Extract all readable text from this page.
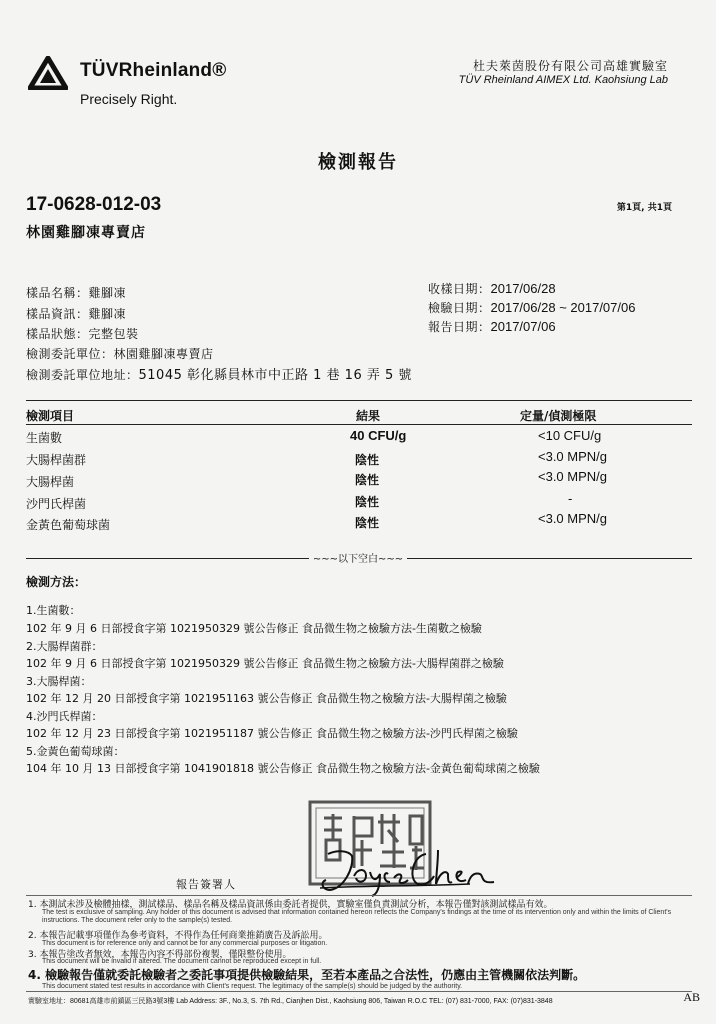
TÜVRheinland®
Precisely Right.
杜夫萊茵股份有限公司高雄實驗室
TÜV Rheinland AIMEX Ltd. Kaohsiung Lab
檢測報告
17-0628-012-03	第1頁, 共1頁
林園雞腳凍專賣店
樣品名稱：雞腳凍
樣品資訊：雞腳凍
樣品狀態：完整包裝
檢測委託單位：林園雞腳凍專賣店
檢測委託單位地址：51045 彰化縣員林市中正路 1 巷 16 弄 5 號
收樣日期：2017/06/28
檢驗日期：2017/06/28 ~ 2017/07/06
報告日期：2017/07/06
檢測項目	結果	定量/偵測極限
生菌數	40 CFU/g	<10 CFU/g
大腸桿菌群	陰性	<3.0 MPN/g
大腸桿菌	陰性	<3.0 MPN/g
沙門氏桿菌	陰性	-
金黃色葡萄球菌	陰性	<3.0 MPN/g
~~~以下空白~~~
檢測方法：
1.生菌數：
102 年 9 月 6 日部授食字第 1021950329 號公告修正 食品微生物之檢驗方法-生菌數之檢驗
2.大腸桿菌群：
102 年 9 月 6 日部授食字第 1021950329 號公告修正 食品微生物之檢驗方法-大腸桿菌群之檢驗
3.大腸桿菌：
102 年 12 月 20 日部授食字第 1021951163 號公告修正 食品微生物之檢驗方法-大腸桿菌之檢驗
4.沙門氏桿菌：
102 年 12 月 23 日部授食字第 1021951187 號公告修正 食品微生物之檢驗方法-沙門氏桿菌之檢驗
5.金黃色葡萄球菌：
104 年 10 月 13 日部授食字第 1041901818 號公告修正 食品微生物之檢驗方法-金黃色葡萄球菌之檢驗
報告簽署人
1. 本測試未涉及檢體抽樣，測試樣品、樣品名稱及樣品資訊係由委託者提供，實驗室僅負責測試分析，本報告僅對該測試樣品有效。
The test is exclusive of sampling. Any holder of this document is advised that information contained hereon reflects the Company's findings at the time of its intervention only and within the limits of Client's instructions. The document refer only to the sample(s) tested.
2. 本報告記載事項僅作為參考資料，不得作為任何商業推銷廣告及訴訟用。
This document is for reference only and cannot be for any commercial purposes or litigation.
3. 本報告塗改者無效，本報告內容不得部份複製，僅限整份使用。
This document will be invalid if altered. The document cannot be reproduced except in full.
4. 檢驗報告僅就委託檢驗者之委託事項提供檢驗結果，至若本產品之合法性，仍應由主管機關依法判斷。
This document stated test results in accordance with Client's request. The legitimacy of the sample(s) should be judged by the authority.
實驗室地址：80681高雄市前鎮區三民路3號3樓 Lab Address: 3F., No.3, S. 7th Rd., Cianjhen Dist., Kaohsiung 806, Taiwan R.O.C TEL: (07) 831-7000, FAX: (07)831-3848	AB
